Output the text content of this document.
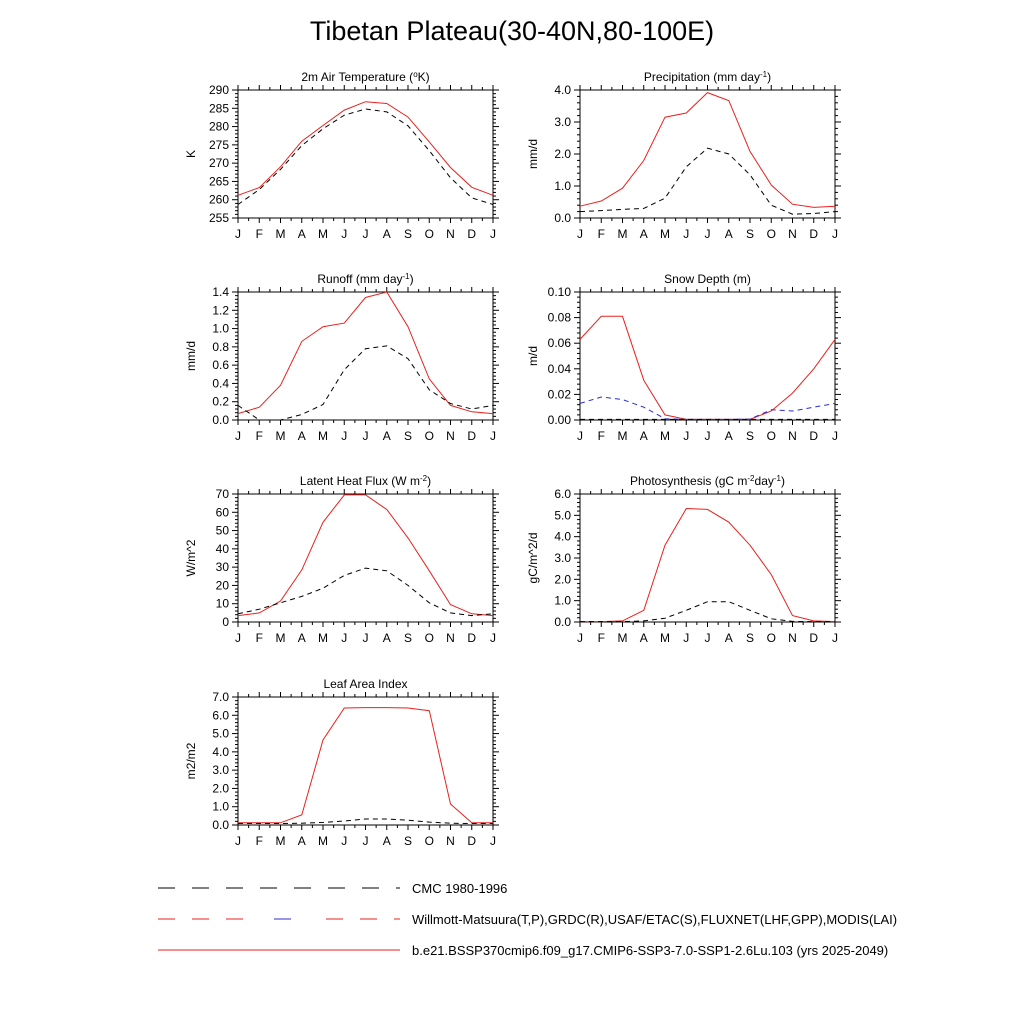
Tibetan Plateau(30-40N,80-100E)
2m Air Temperature ($^o$K)
K
J F M A M J J A S O N D J
255
260
265
270
275
280
285
290
Precipitation (mm day$^{-1}$)
mm/d
J F M A M J J A S O N D J
0.0
1.0
2.0
3.0
4.0
Runoff (mm day$^{-1}$)
mm/d
J F M A M J J A S O N D J
0.0
0.2
0.4
0.6
0.8
1.0
1.2
1.4
Snow Depth (m)
m/d
J F M A M J J A S O N D J
0.00
0.02
0.04
0.06
0.08
0.10
Latent Heat Flux (W $m^{-2}$)
W/m^2
J F M A M J J A S O N D J
0
10
20
30
40
50
60
70
Photosynthesis (gC $m^{-2}day^{-1}$)
gC/m^2/d
J F M A M J J A S O N D J
0.0
1.0
2.0
3.0
4.0
5.0
6.0
Leaf Area Index
m2/m2
J F M A M J J A S O N D J
0.0
1.0
2.0
3.0
4.0
5.0
6.0
7.0
CMC 1980-1996
Willmott-Matsuura(T,P),GRDC(R),USAF/ETAC(S),FLUXNET(LHF,GPP),MODIS(LAI)
b.e21.BSSP370cmip6.f09_g17.CMIP6-SSP3-7.0-SSP1-2.6Lu.103 (yrs 2025-2049)
